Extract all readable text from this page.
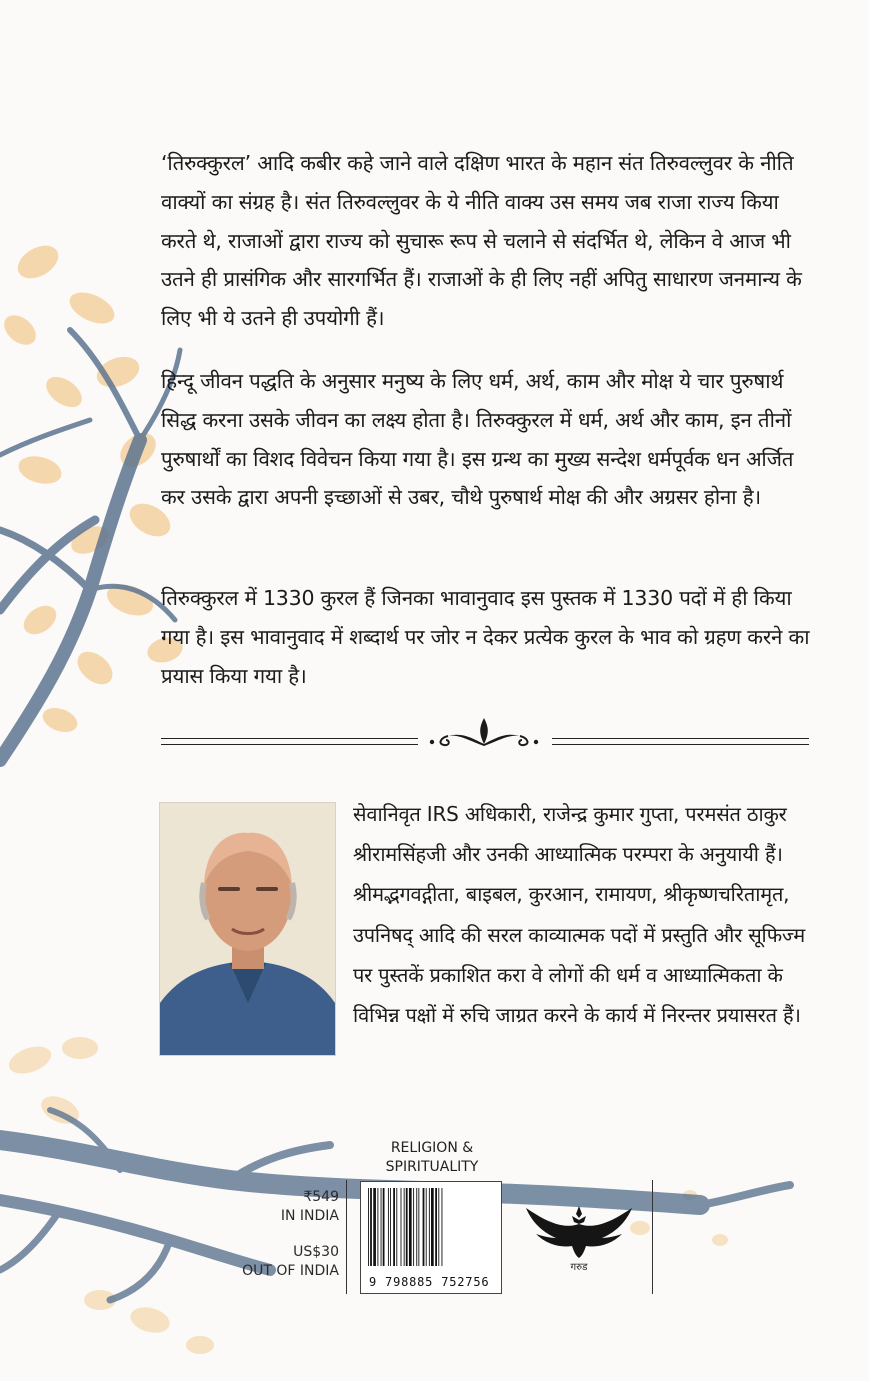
‘तिरुक्कुरल’ आदि कबीर कहे जाने वाले दक्षिण भारत के महान संत तिरुवल्लुवर के नीति वाक्यों का संग्रह है। संत तिरुवल्लुवर के ये नीति वाक्य उस समय जब राजा राज्य किया करते थे, राजाओं द्वारा राज्य को सुचारू रूप से चलाने से संदर्भित थे, लेकिन वे आज भी उतने ही प्रासंगिक और सारगर्भित हैं। राजाओं के ही लिए नहीं अपितु साधारण जनमान्य के लिए भी ये उतने ही उपयोगी हैं।

हिन्दू जीवन पद्धति के अनुसार मनुष्य के लिए धर्म, अर्थ, काम और मोक्ष ये चार पुरुषार्थ सिद्ध करना उसके जीवन का लक्ष्य होता है। तिरुक्कुरल में धर्म, अर्थ और काम, इन तीनों पुरुषार्थों का विशद विवेचन किया गया है। इस ग्रन्थ का मुख्य सन्देश धर्मपूर्वक धन अर्जित कर उसके द्वारा अपनी इच्छाओं से उबर, चौथे पुरुषार्थ मोक्ष की और अग्रसर होना है।

तिरुक्कुरल में 1330 कुरल हैं जिनका भावानुवाद इस पुस्तक में 1330 पदों में ही किया गया है। इस भावानुवाद में शब्दार्थ पर जोर न देकर प्रत्येक कुरल के भाव को ग्रहण करने का प्रयास किया गया है।

सेवानिवृत IRS अधिकारी, राजेन्द्र कुमार गुप्ता, परमसंत ठाकुर श्रीरामसिंहजी और उनकी आध्यात्मिक परम्परा के अनुयायी हैं। श्रीमद्भगवद्गीता, बाइबल, कुरआन, रामायण, श्रीकृष्णचरितामृत, उपनिषद् आदि की सरल काव्यात्मक पदों में प्रस्तुति और सूफिज्म पर पुस्तकें प्रकाशित करा वे लोगों की धर्म व आध्यात्मिकता के विभिन्न पक्षों में रुचि जाग्रत करने के कार्य में निरन्तर प्रयासरत हैं।

RELIGION &
SPIRITUALITY
₹549
IN INDIA
US$30
OUT OF INDIA
9 798885 752756
गरुड
